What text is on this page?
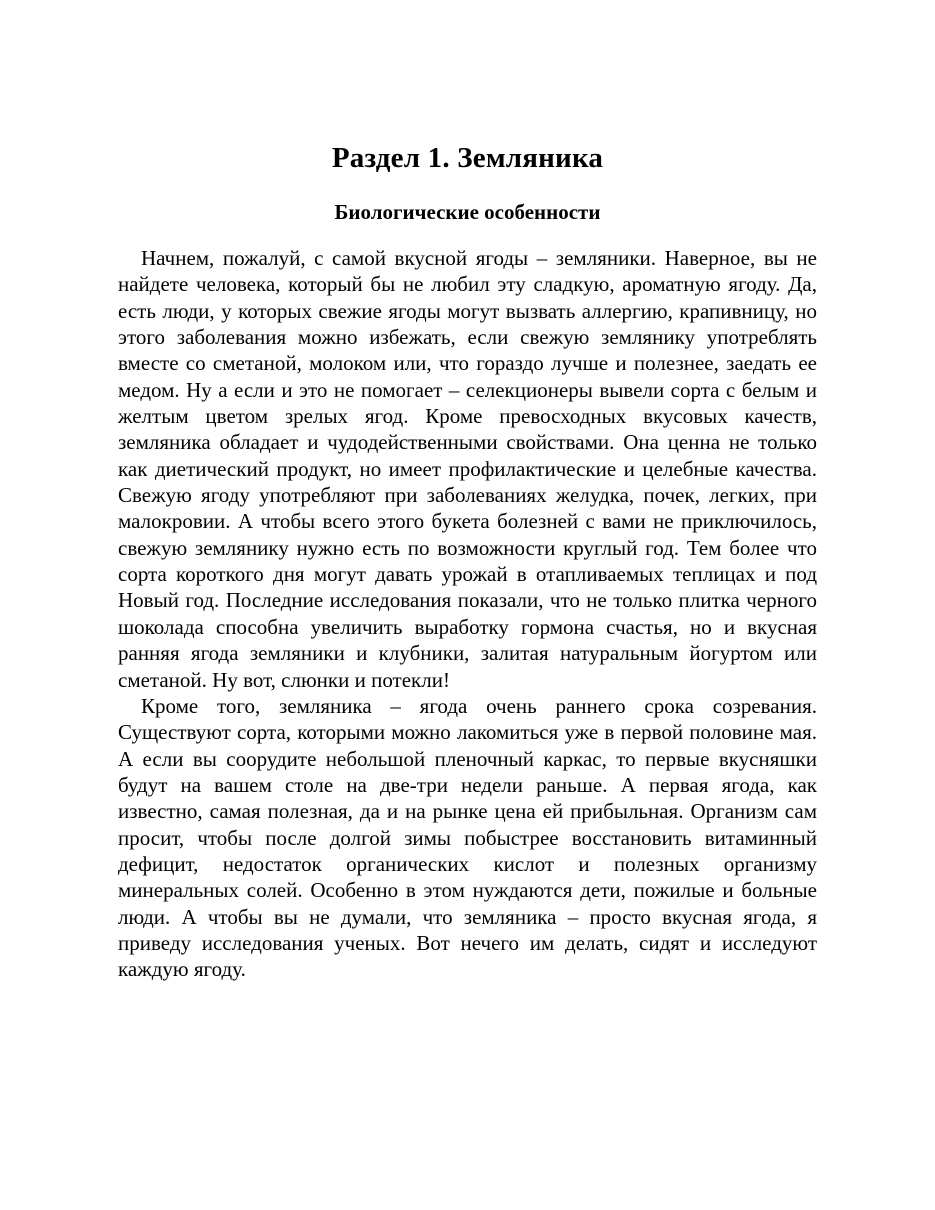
Раздел 1. Земляника
Биологические особенности

Начнем, пожалуй, с самой вкусной ягоды – земляники. Наверное, вы не найдете человека, который бы не любил эту сладкую, ароматную ягоду. Да, есть люди, у которых свежие ягоды могут вызвать аллергию, крапивницу, но этого заболевания можно избежать, если свежую землянику употреблять вместе со сметаной, молоком или, что гораздо лучше и полезнее, заедать ее медом. Ну а если и это не помогает – селекционеры вывели сорта с белым и желтым цветом зрелых ягод. Кроме превосходных вкусовых качеств, земляника обладает и чудодейственными свойствами. Она ценна не только как диетический продукт, но имеет профилактические и целебные качества. Свежую ягоду употребляют при заболеваниях желудка, почек, легких, при малокровии. А чтобы всего этого букета болезней с вами не приключилось, свежую землянику нужно есть по возможности круглый год. Тем более что сорта короткого дня могут давать урожай в отапливаемых теплицах и под Новый год. Последние исследования показали, что не только плитка черного шоколада способна увеличить выработку гормона счастья, но и вкусная ранняя ягода земляники и клубники, залитая натуральным йогуртом или сметаной. Ну вот, слюнки и потекли!

Кроме того, земляника – ягода очень раннего срока созревания. Существуют сорта, которыми можно лакомиться уже в первой половине мая. А если вы соорудите небольшой пленочный каркас, то первые вкусняшки будут на вашем столе на две-три недели раньше. А первая ягода, как известно, самая полезная, да и на рынке цена ей прибыльная. Организм сам просит, чтобы после долгой зимы побыстрее восстановить витаминный дефицит, недостаток органических кислот и полезных организму минеральных солей. Особенно в этом нуждаются дети, пожилые и больные люди. А чтобы вы не думали, что земляника – просто вкусная ягода, я приведу исследования ученых. Вот нечего им делать, сидят и исследуют каждую ягоду.
